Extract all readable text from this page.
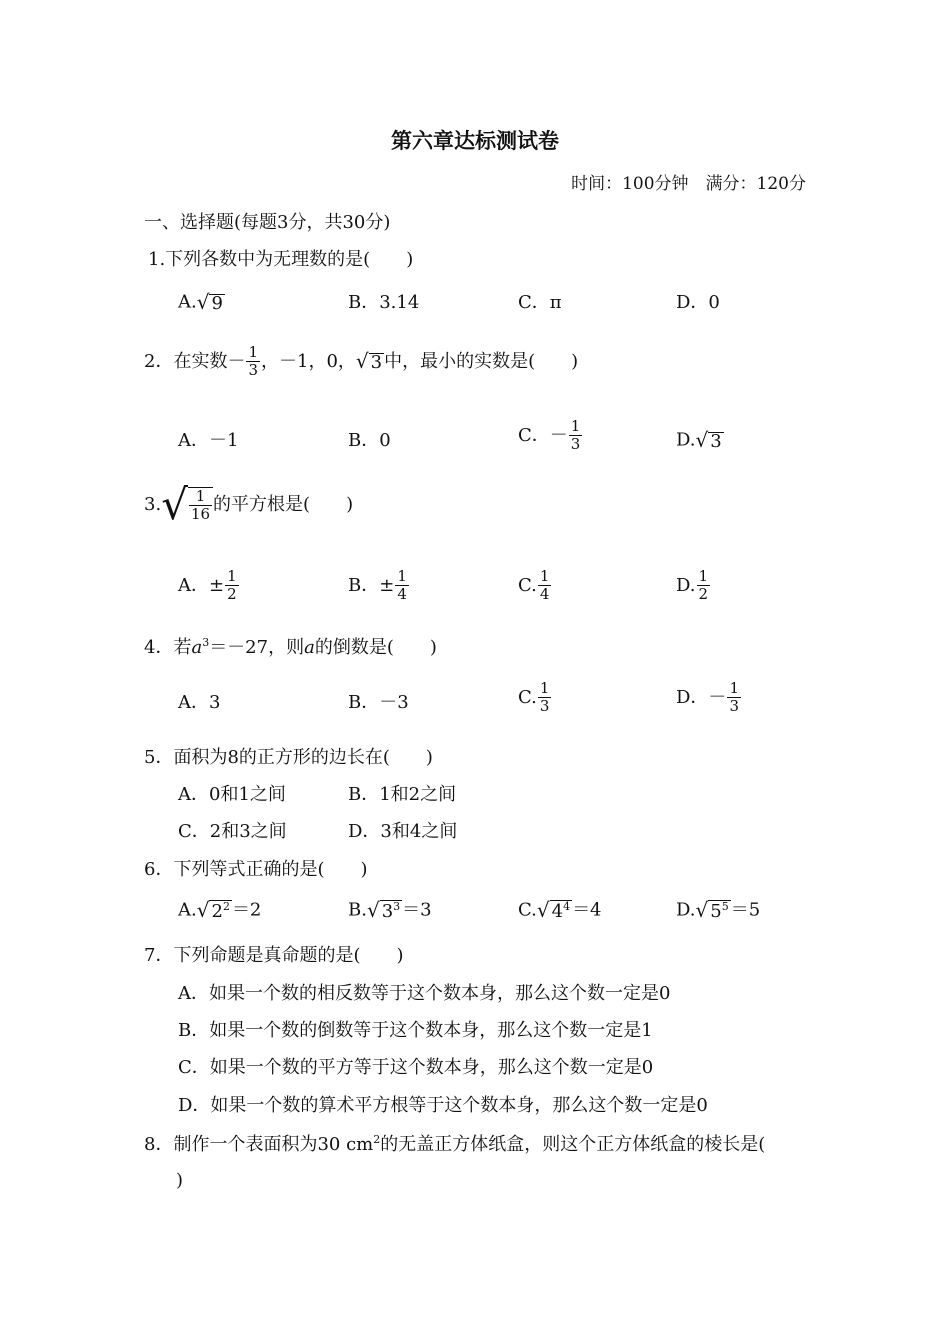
第六章达标测试卷
时间：100分钟　满分：120分
一、选择题(每题3分，共30分)
1.下列各数中为无理数的是(　　)
A.√ 9	B．3.14	C．π	D．0
2．在实数－ $\frac{1}{3}$ ，－1，0，√ 3 中，最小的实数是(　　)
A．－1	B．0	C．－ $\frac{1}{3}$	D.√ 3
$3.√ \frac{1}{16}$ 的平方根是(　　)
A．± $\frac{1}{2}$	B．± $\frac{1}{4}$	C. $\frac{1}{4}$	D. $\frac{1}{2}$
4．若$a^3=-27$，则a的倒数是(　　)
A．3	B．－3	C. $\frac{1}{3}$	D．－ $\frac{1}{3}$
5．面积为8的正方形的边长在(　　)
A．0和1之间	B．1和2之间
C．2和3之间	D．3和4之间
6．下列等式正确的是(　　)
A.√ $2^2 =2$	B.√ $3^3 =3$	C.√ $4^4 =4$	D.√ $5^5 =5$
7．下列命题是真命题的是(　　)
A．如果一个数的相反数等于这个数本身，那么这个数一定是0
B．如果一个数的倒数等于这个数本身，那么这个数一定是1
C．如果一个数的平方等于这个数本身，那么这个数一定是0
D．如果一个数的算术平方根等于这个数本身，那么这个数一定是0
8．制作一个表面积为30 $cm^2$的无盖正方体纸盒，则这个正方体纸盒的棱长是(
)
